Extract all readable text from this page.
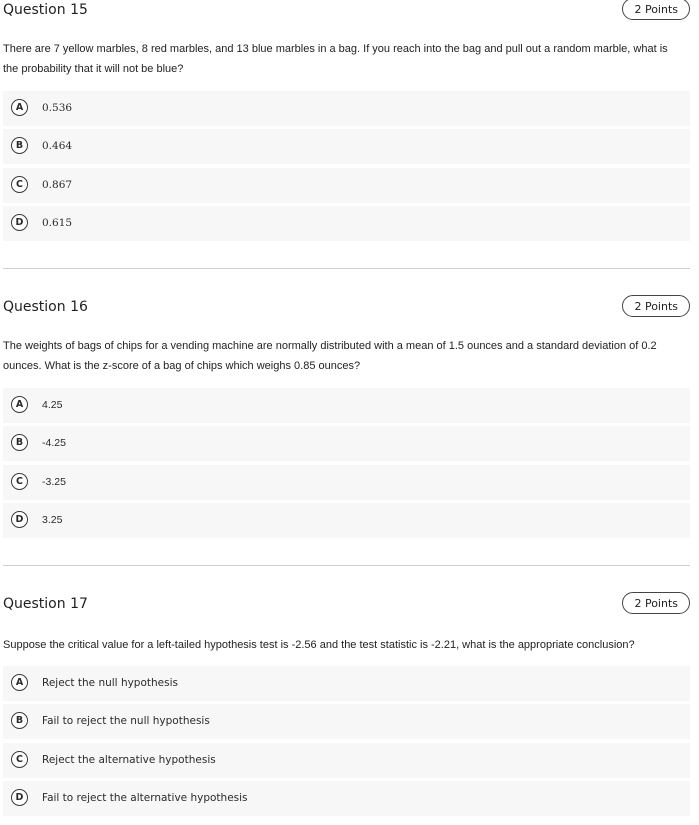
Question 15	2 Points
There are 7 yellow marbles, 8 red marbles, and 13 blue marbles in a bag. If you reach into the bag and pull out a random marble, what is the probability that it will not be blue?
A	0.536
B	0.464
C	0.867
D	0.615
Question 16	2 Points
The weights of bags of chips for a vending machine are normally distributed with a mean of 1.5 ounces and a standard deviation of 0.2 ounces. What is the z-score of a bag of chips which weighs 0.85 ounces?
A	4.25
B	-4.25
C	-3.25
D	3.25
Question 17	2 Points
Suppose the critical value for a left-tailed hypothesis test is -2.56 and the test statistic is -2.21, what is the appropriate conclusion?
A	Reject the null hypothesis
B	Fail to reject the null hypothesis
C	Reject the alternative hypothesis
D	Fail to reject the alternative hypothesis
